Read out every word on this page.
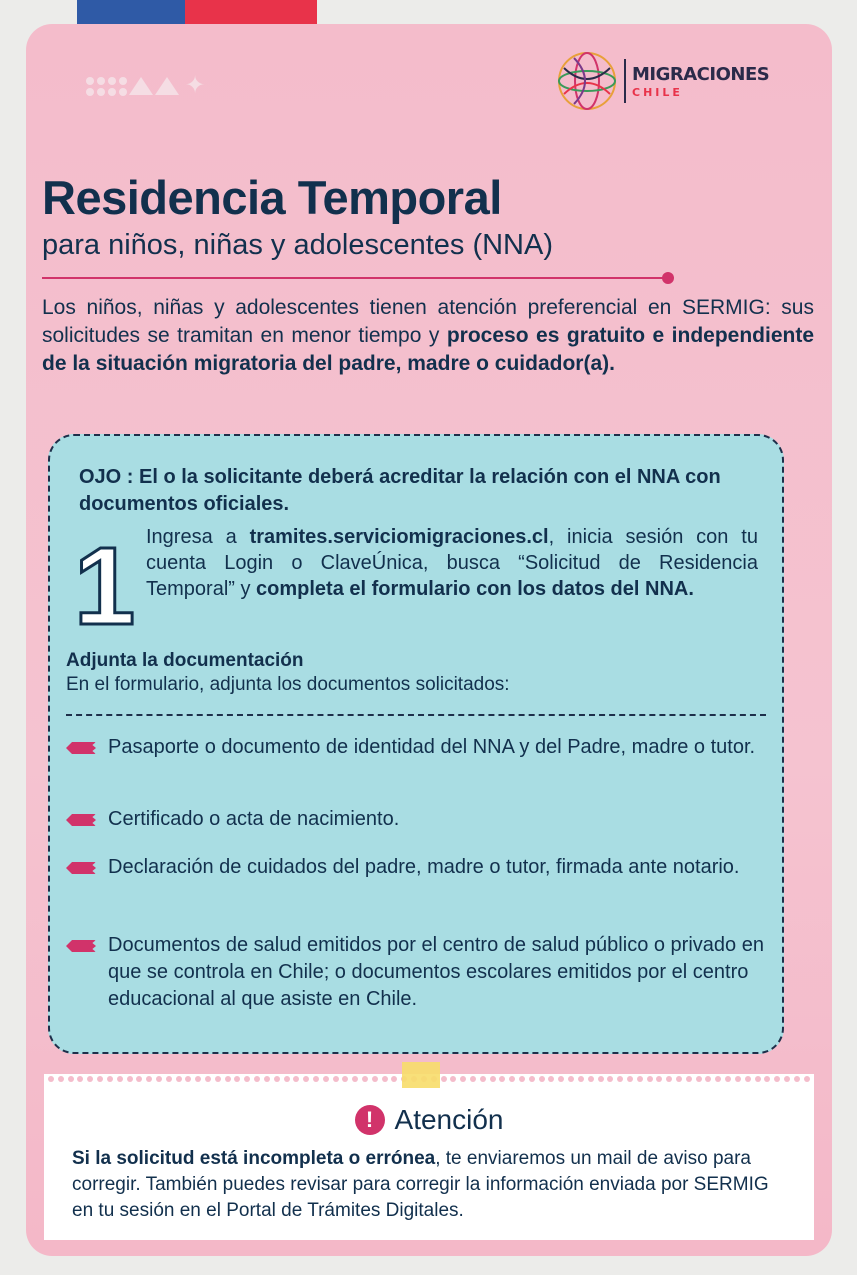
✦	MIGRACIONES
CHILE
Residencia Temporal
para niños, niñas y adolescentes (NNA)

Los niños, niñas y adolescentes tienen atención preferencial en SERMIG: sus solicitudes se tramitan en menor tiempo y proceso es gratuito e independiente de la situación migratoria del padre, madre o cuidador(a).

OJO : El o la solicitante deberá acreditar la relación con el NNA con documentos oficiales.
1 Ingresa a tramites.serviciomigraciones.cl, inicia sesión con tu cuenta Login o ClaveÚnica, busca “Solicitud de Residencia Temporal” y completa el formulario con los datos del NNA.

Adjunta la documentación
En el formulario, adjunta los documentos solicitados:
Pasaporte o documento de identidad del NNA y del Padre, madre o tutor.
Certificado o acta de nacimiento.
Declaración de cuidados del padre, madre o tutor, firmada ante notario.
Documentos de salud emitidos por el centro de salud público o privado en que se controla en Chile; o documentos escolares emitidos por el centro educacional al que asiste en Chile.
! Atención

Si la solicitud está incompleta o errónea, te enviaremos un mail de aviso para corregir. También puedes revisar para corregir la información enviada por SERMIG en tu sesión en el Portal de Trámites Digitales.
